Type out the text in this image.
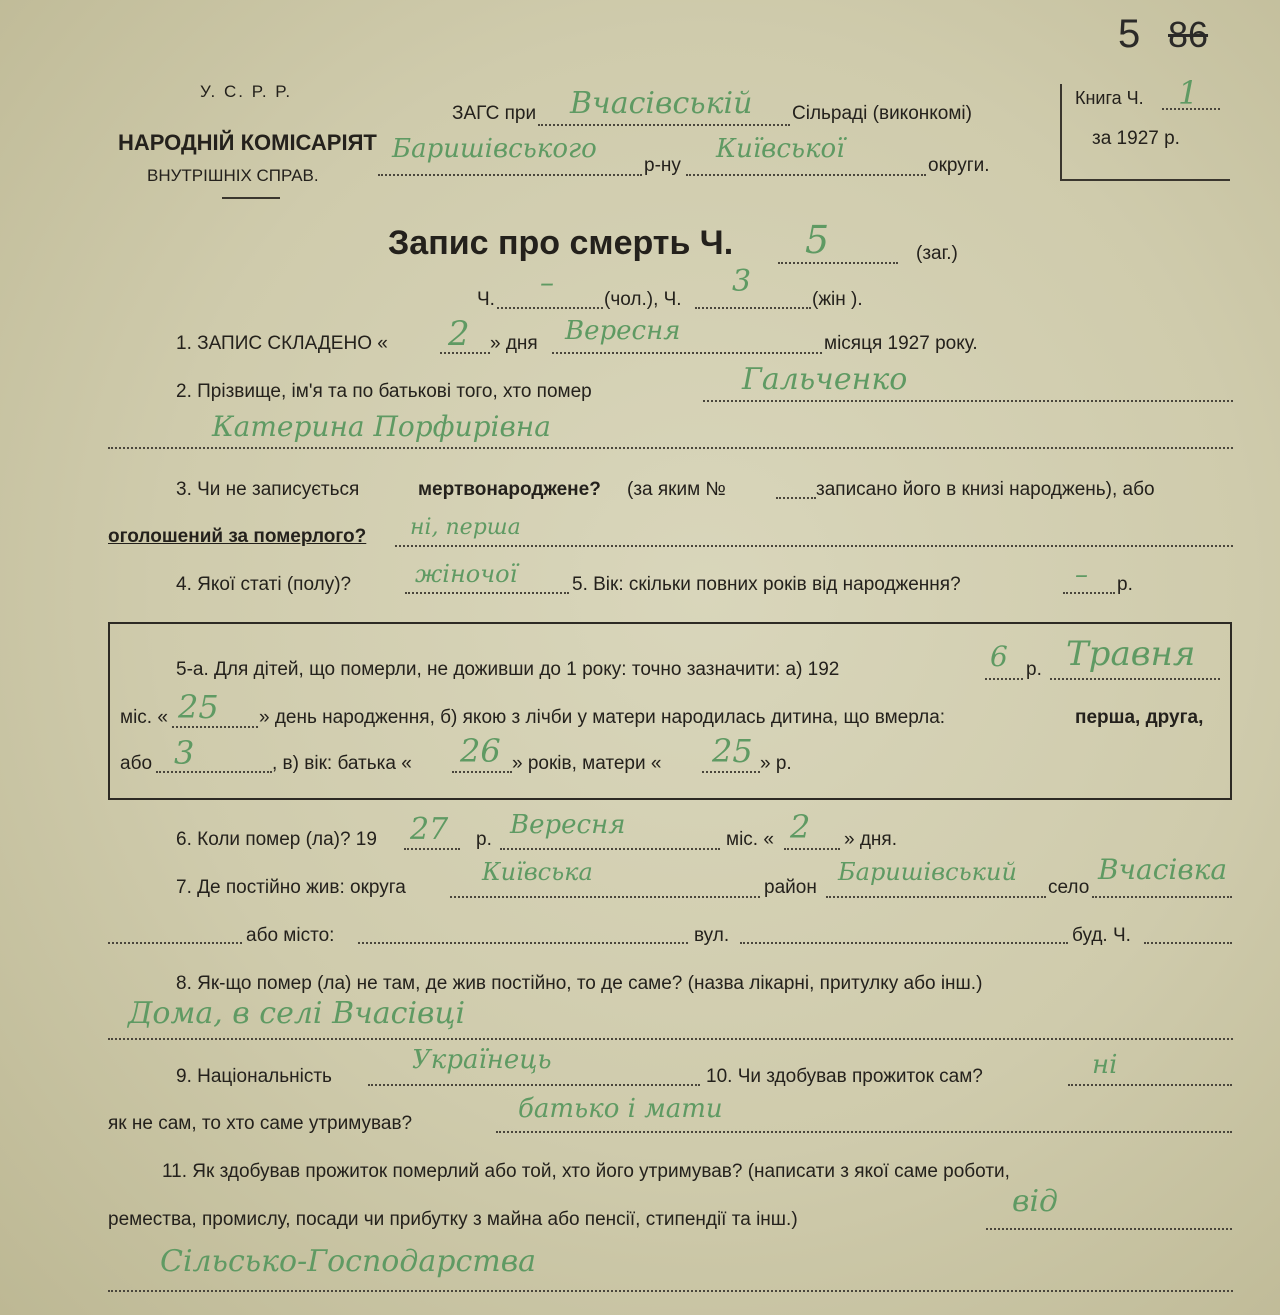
5 86
У. С. Р. Р.
НАРОДНІЙ КОМІСАРІЯТ
ВНУТРІШНІХ СПРАВ.
ЗАГС при Вчасівській Сільраді (виконкомі)
Баришівського
р-ну
Київської
округи.
Книга Ч. 1
за 1927 р.
Запис про смерть Ч. 5	(заг.)
Ч.
–
(чол.), Ч.
3
(жін ).
1. ЗАПИС СКЛАДЕНО « 2 » дня Вересня	місяця 1927 року.
2. Прізвище, ім'я та по батькові того, хто помер	Гальченко
Катерина Порфирівна
3. Чи не записується	мертвонароджене? (за яким №	записано його в книзі народжень), або
оголошений за померлого? ні, перша
4. Якої статі (полу)?	жіночої	5. Вік: скільки повних років від народження?	– р.
5-а. Для дітей, що померли, не доживши до 1 року: точно зазначити: а) 192	6 р. Травня
міс. « 25 » день народження, б) якою з лічби у матери народилась дитина, що вмерла:	перша, друга,
або 3	, в) вік: батька « 26 » років, матери « 25 » р.
6. Коли помер (ла)? 19 27 р. Вересня	міс. « 2 » дня.
7. Де постійно жив: округа
Київська
район
Баришівський
село
Вчасівка
або місто:	вул.	буд. Ч.
8. Як-що помер (ла) не там, де жив постійно, то де саме? (назва лікарні, притулку або інш.)
Дома, в селі Вчасівці
9. Національність
Українець
10. Чи здобував прожиток сам?	ні
як не сам, то хто саме утримував?	батько і мати
11. Як здобував прожиток померлий або той, хто його утримував? (написати з якої саме роботи,
ремества, промислу, посади чи прибутку з майна або пенсії, стипендії та інш.)
від
Сільсько-Господарства
